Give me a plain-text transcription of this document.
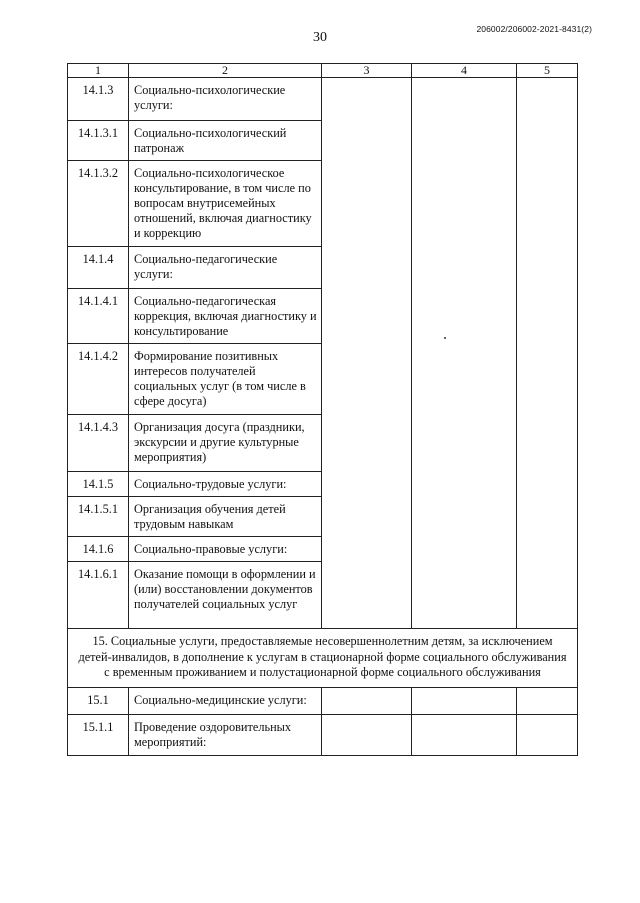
30
206002/206002-2021-8431(2)
1	2	3	4	5
14.1.3	Социально-психологические услуги:		

14.1.3.1	Социально-психологический патронаж			
14.1.3.2	Социально-психологическое консультирование, в том числе по вопросам внутрисемейных отношений, включая диагностику и коррекцию			
14.1.4	Социально-педагогические услуги:			
14.1.4.1	Социально-педагогическая коррекция, включая диагностику и консультирование			
14.1.4.2	Формирование позитивных интересов получателей социальных услуг (в том числе в сфере досуга)			
14.1.4.3	Организация досуга (праздники, экскурсии и другие культурные мероприятия)			
14.1.5	Социально-трудовые услуги:			
14.1.5.1	Организация обучения детей трудовым навыкам			
14.1.6	Социально-правовые услуги:			
14.1.6.1	Оказание помощи в оформлении и (или) восстановлении документов получателей социальных услуг			

15. Социальные услуги, предоставляемые несовершеннолетним детям, за исключением
детей-инвалидов, в дополнение к услугам в стационарной форме социального обслуживания
с временным проживанием и полустационарной форме социального обслуживания				

15.1	Социально-медицинские услуги:			
15.1.1	Проведение оздоровительных мероприятий:			
